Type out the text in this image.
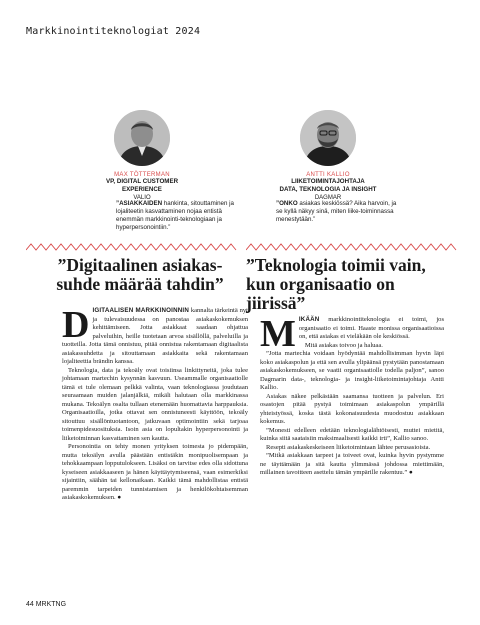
Markkinointiteknologiat 2024
MAX TÖTTERMAN
VP, DIGITAL CUSTOMER EXPERIENCE
VALIO
ANTTI KALLIO
LIIKETOIMINTAJOHTAJA
DATA, TEKNOLOGIA JA INSIGHT
DAGMAR
”ASIAKKAIDEN hankinta, sitouttaminen ja lojaliteetin kasvattaminen nojaa entistä enemmän markkinointi-teknologiaan ja hyperpersonointiin.”
”ONKO asiakas keskiössä? Aika harvoin, ja se kyllä näkyy sinä, miten liike-toiminnassa menestytään.”
”Digitaalinen asiakas-suhde määrää tahdin”
”Teknologia toimii vain, kun organisaatio on jiirissä”

DIGITAALISEN MARKKINOINNIN kannalta tärkeintä nyt ja tulevaisuudessa on panostaa asiakaskokemuksen kehittämiseen. Jotta asiakkaat saadaan ohjattua palveluihin, heille tuotetaan arvoa sisällöllä, palveluilla ja tuotteilla. Jotta tämä onnistuu, pitää onnistua rakentamaan digitaalista asiakassuhdetta ja sitouttamaan asiakkaita sekä rakentamaan lojaliteettia brändin kanssa.

Teknologia, data ja tekoäly ovat toisiinsa linkittyneitä, joka tulee johtamaan martechin kysynnän kasvuun. Useammalle organisaatiolle tämä ei tule olemaan pelkkä valinta, vaan teknologiassa joudutaan seuraamaan muiden jalanjälkiä, mikäli halutaan olla markkinassa mukana. Tekoälyn osalta tullaan etenemään huomattavia harppauksia. Organisaatioilla, jotka ottavat sen onnistuneesti käyttöön, tekoäly sitouttuu sisällöntuotantoon, jatkuvaan optimointiin sekä tarjoaa toimenpidesuosituksia. Isoin asia on lopultakin hyperpersonointi ja liiketoiminnan kasvattaminen sen kautta.

Personointia on tehty monen yrityksen toimesta jo pidempään, mutta tekoälyn avulla päästään entistäkin monipuolisempaan ja tehokkaampaan lopputulokseen. Lisäksi on tarvitse edes olla sidottuna kyseiseen asiakkaaseen ja hänen käyttäytymiseensä, vaan esimerkiksi sijaintiin, säähän tai kellonaikaan. Kaikki tämä mahdollistaa entistä paremmin tarpeiden tunnistamisen ja henkilökohtaisemman asiakaskokemuksen. ●

MIKÄÄN markkinointiteknologia ei toimi, jos organisaatio ei toimi. Haaste monissa organisaatioissa on, että asiakas ei vieläkään ole keskiössä.

Mitä asiakas toivoo ja haluaa.

”Jotta martechia voidaan hyödyntää mahdollisimman hyvin läpi koko asiakaspolun ja että sen avulla ylipäänsä pystytään panostamaan asiakaskokemukseen, se vaatii organisaatiolle todella paljon”, sanoo Dagmarin data-, teknologia- ja insight-liiketoimintajohtaja Antti Kallio.

Asiakas näkee pelkästään saamansa tuotteen ja palvelun. Eri osastojen pitää pystyä toimimaan asiakaspolun ympärillä yhteistyössä, koska tästä kokonaisuudesta muodostuu asiakkaan kokemus.

”Monesti edelleen edetään teknologialähtöisesti, muttei mietitä, kuinka siitä saataisiin maksimaalisesti kaikki irti”, Kallio sanoo.

Resepti asiakaskeskeiseen liiketoimintaan lähtee perusasioista.

”Mitkä asiakkaan tarpeet ja toiveet ovat, kuinka hyvin pystymme ne täyttämään ja sitä kautta ylimmässä johdossa miettimään, millainen tavoitteen asettelu tämän ympärille rakentuu.” ●

44 MRKTNG
